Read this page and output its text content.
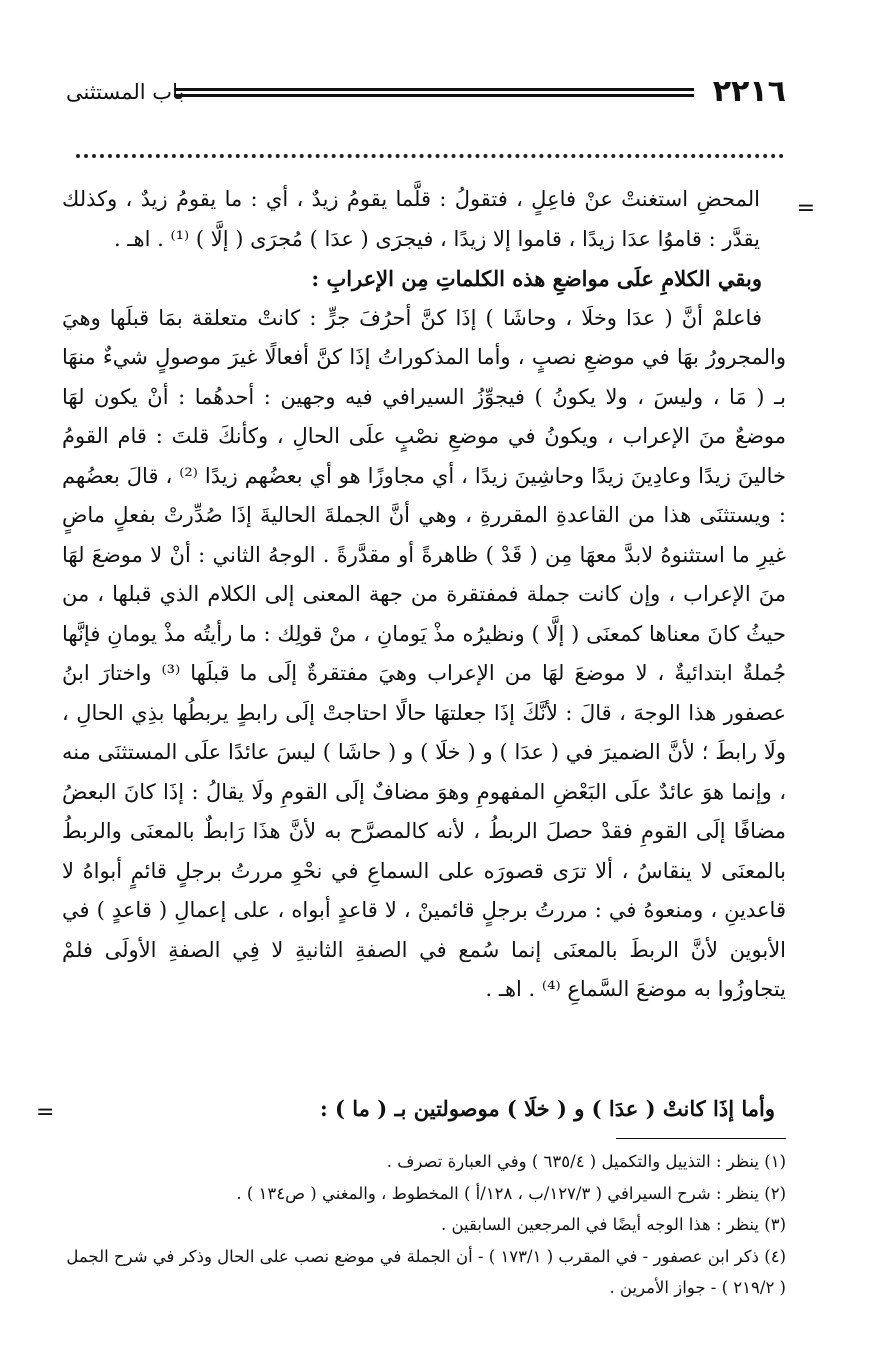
٢٢١٦
باب المستثنى
=

المحضِ استغنتْ عنْ فاعِلٍ ، فتقولُ : قلَّما يقومُ زيدٌ ، أي : ما يقومُ زيدٌ ، وكذلك يقدَّر : قاموُا عدَا زيدًا ، قاموا إلا زيدًا ، فيجرَى ( عدَا ) مُجرَى ( إلَّا ) ⁽¹⁾ . اهـ .

وبقي الكلامِ علَى مواضعِ هذه الكلماتِ مِن الإعرابِ :

فاعلمْ أنَّ ( عدَا وخلَا ، وحاشَا ) إذَا كنَّ أحرُفَ جرٍّ : كانتْ متعلقة بمَا قبلَها وهيَ والمجرورُ بهَا في موضعِ نصبٍ ، وأما المذكوراتُ إذَا كنَّ أفعالًا غيرَ موصولٍ شيءٌ منهَا بـ ( مَا ، وليسَ ، ولا يكونُ ) فيجوِّزُ السيرافي فيه وجهين : أحدهُما : أنْ يكون لهَا موضعٌ منَ الإعراب ، ويكونُ في موضعِ نصْبٍ علَى الحالِ ، وكأنكَ قلتَ : قام القومُ خالينَ زيدًا وعادِينَ زيدًا وحاشِينَ زيدًا ، أي مجاوزًا هو أي بعضُهم زيدًا ⁽²⁾ ، قالَ بعضُهم : ويستثنَى هذا من القاعدةِ المقررةِ ، وهي أنَّ الجملةَ الحاليةَ إذَا صُدِّرتْ بفعلٍ ماضٍ غيرِ ما استثنوهُ لابدَّ معهَا مِن ( قَدْ ) ظاهرةً أو مقدَّرةً . الوجهُ الثاني : أنْ لا موضعَ لهَا منَ الإعراب ، وإن كانت جملة فمفتقرة من جهة المعنى إلى الكلام الذي قبلها ، من حيثُ كانَ معناها كمعنَى ( إلَّا ) ونظيرُه مذْ يَومانِ ، منْ قولِك : ما رأيتُه مذْ يومانِ فإنَّها جُملةٌ ابتدائيةٌ ، لا موضعَ لهَا من الإعراب وهيَ مفتقرةٌ إلَى ما قبلَها ⁽³⁾ واختارَ ابنُ عصفور هذا الوجهَ ، قالَ : لأنَّكَ إذَا جعلتهَا حالًا احتاجتْ إلَى رابطٍ يربطُها بذِي الحالِ ، ولَا رابطَ ؛ لأنَّ الضميرَ في ( عدَا ) و ( خلَا ) و ( حاشَا ) ليسَ عائدًا علَى المستثنَى منه ، وإنما هوَ عائدٌ علَى البَعْضِ المفهومِ وهوَ مضافٌ إلَى القومِ ولَا يقالُ : إذَا كانَ البعضُ مضافًا إلَى القومِ فقدْ حصلَ الربطُ ، لأنه كالمصرَّح به لأنَّ هذَا رَابطٌ بالمعنَى والربطُ بالمعنَى لا ينقاسُ ، ألا ترَى قصورَه على السماعِ في نحْوِ مررتُ برجلٍ قائمٍ أبواهُ لا قاعدينِ ، ومنعوهُ في : مررتُ برجلٍ قائمينْ ، لا قاعدٍ أبواه ، على إعمالِ ( قاعدٍ ) في الأبوين لأنَّ الربطَ بالمعنَى إنما سُمع في الصفةِ الثانيةِ لا فِي الصفةِ الأولَى فلمْ يتجاوزُوا به موضعَ السَّماعِ ⁽⁴⁾ . اهـ .

وأما إذَا كانتْ ( عدَا ) و ( خلَا ) موصولتين بـ ( ما ) :
=

(١) ينظر : التذييل والتكميل ( ٦٣٥/٤ ) وفي العبارة تصرف .

(٢) ينظر : شرح السيرافي ( ١٢٧/٣/ب ، ١٢٨/أ ) المخطوط ، والمغني ( ص١٣٤ ) .

(٣) ينظر : هذا الوجه أيضًا في المرجعين السابقين .

(٤) ذكر ابن عصفور - في المقرب ( ١٧٣/١ ) - أن الجملة في موضع نصب على الحال وذكر في شرح الجمل ( ٢١٩/٢ ) - جواز الأمرين .
